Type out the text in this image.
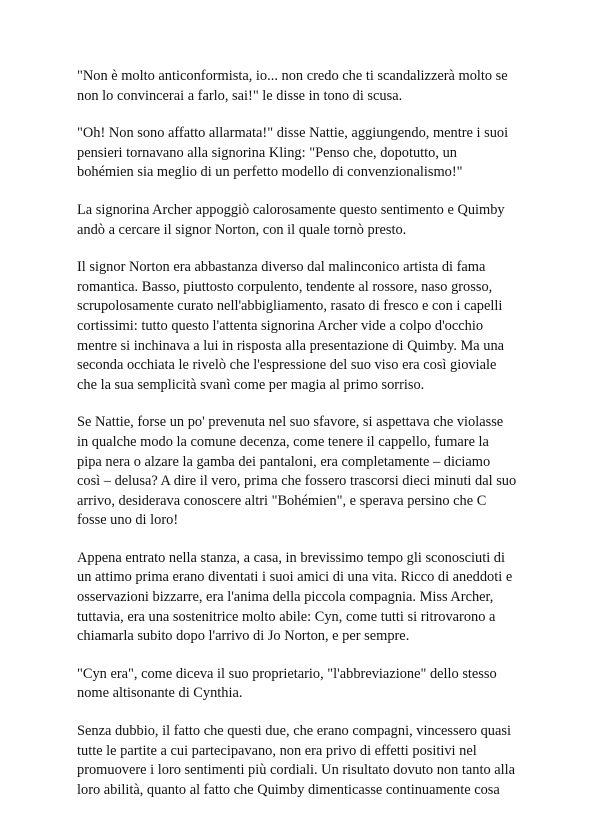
"Non è molto anticonformista, io... non credo che ti scandalizzerà molto se
non lo convincerai a farlo, sai!" le disse in tono di scusa.

"Oh! Non sono affatto allarmata!" disse Nattie, aggiungendo, mentre i suoi
pensieri tornavano alla signorina Kling: "Penso che, dopotutto, un
bohémien sia meglio di un perfetto modello di convenzionalismo!"

La signorina Archer appoggiò calorosamente questo sentimento e Quimby
andò a cercare il signor Norton, con il quale tornò presto.

Il signor Norton era abbastanza diverso dal malinconico artista di fama
romantica. Basso, piuttosto corpulento, tendente al rossore, naso grosso,
scrupolosamente curato nell'abbigliamento, rasato di fresco e con i capelli
cortissimi: tutto questo l'attenta signorina Archer vide a colpo d'occhio
mentre si inchinava a lui in risposta alla presentazione di Quimby. Ma una
seconda occhiata le rivelò che l'espressione del suo viso era così gioviale
che la sua semplicità svanì come per magia al primo sorriso.

Se Nattie, forse un po' prevenuta nel suo sfavore, si aspettava che violasse
in qualche modo la comune decenza, come tenere il cappello, fumare la
pipa nera o alzare la gamba dei pantaloni, era completamente – diciamo
così – delusa? A dire il vero, prima che fossero trascorsi dieci minuti dal suo
arrivo, desiderava conoscere altri "Bohémien", e sperava persino che C
fosse uno di loro!

Appena entrato nella stanza, a casa, in brevissimo tempo gli sconosciuti di
un attimo prima erano diventati i suoi amici di una vita. Ricco di aneddoti e
osservazioni bizzarre, era l'anima della piccola compagnia. Miss Archer,
tuttavia, era una sostenitrice molto abile: Cyn, come tutti si ritrovarono a
chiamarla subito dopo l'arrivo di Jo Norton, e per sempre.

"Cyn era", come diceva il suo proprietario, "l'abbreviazione" dello stesso
nome altisonante di Cynthia.

Senza dubbio, il fatto che questi due, che erano compagni, vincessero quasi
tutte le partite a cui partecipavano, non era privo di effetti positivi nel
promuovere i loro sentimenti più cordiali. Un risultato dovuto non tanto alla
loro abilità, quanto al fatto che Quimby dimenticasse continuamente cosa
